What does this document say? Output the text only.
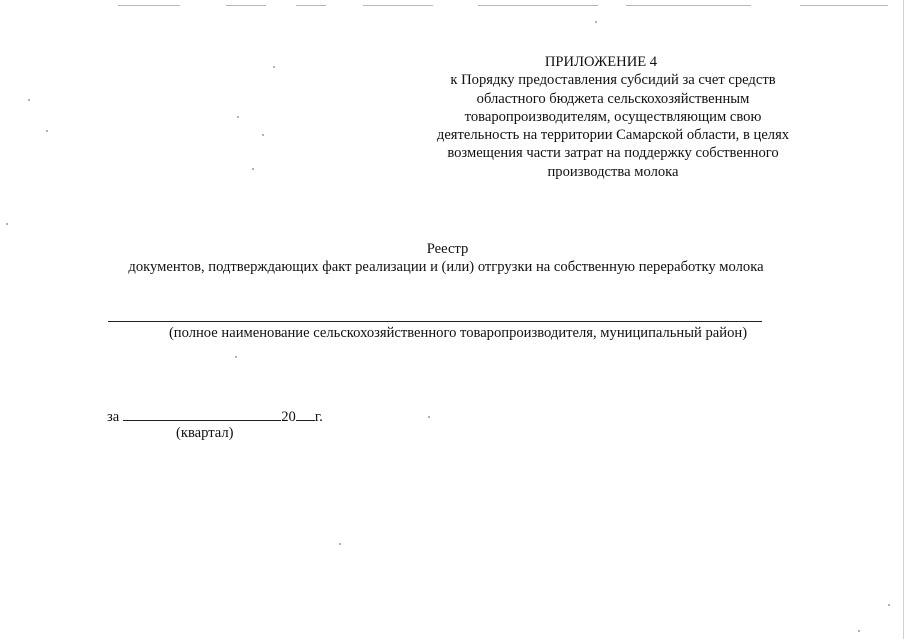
ПРИЛОЖЕНИЕ 4
к Порядку предоставления субсидий за счет средств
областного бюджета сельскохозяйственным
товаропроизводителям, осуществляющим свою
деятельность на территории Самарской области, в целях
возмещения части затрат на поддержку собственного
производства молока
Реестр
документов, подтверждающих факт реализации и (или) отгрузки на собственную переработку молока
(полное наименование сельскохозяйственного товаропроизводителя, муниципальный район)
за	20 г.
(квартал)
